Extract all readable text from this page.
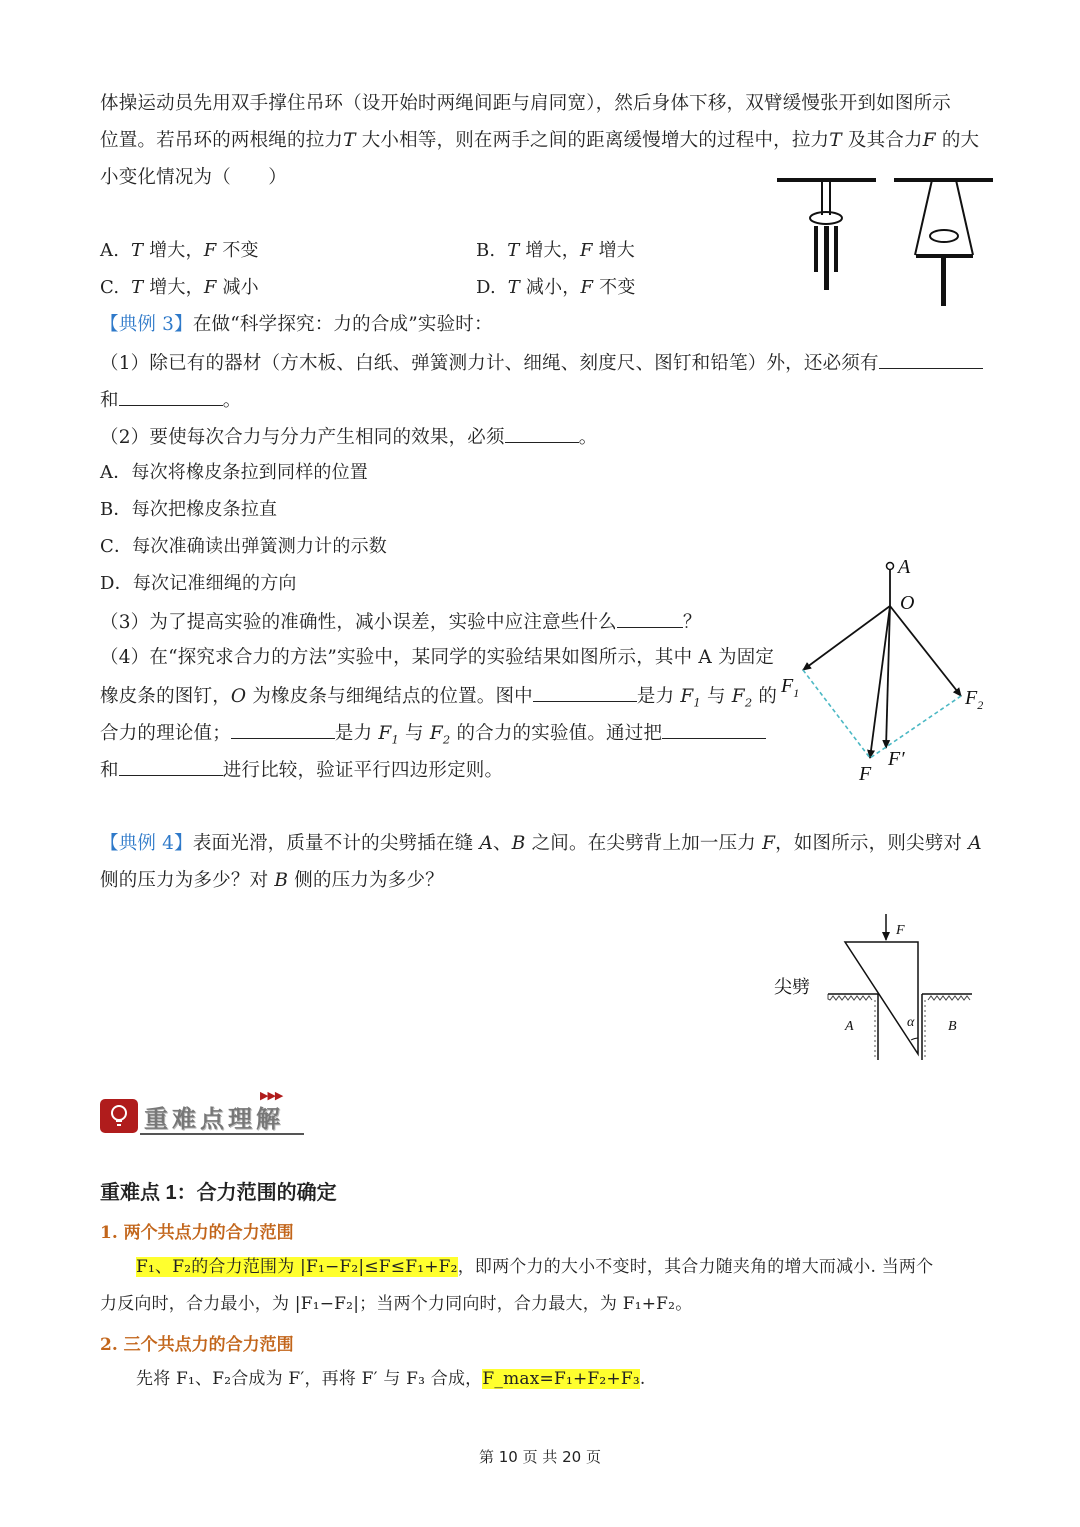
体操运动员先用双手撑住吊环（设开始时两绳间距与肩同宽），然后身体下移，双臂缓慢张开到如图所示
位置。若吊环的两根绳的拉力T 大小相等，则在两手之间的距离缓慢增大的过程中，拉力T 及其合力F 的大
小变化情况为（　　）
A. T 增大，F 不变	B. T 增大，F 增大
C. T 增大，F 减小	D. T 减小，F 不变
【典例 3】在做“科学探究：力的合成”实验时：
（1）除已有的器材（方木板、白纸、弹簧测力计、细绳、刻度尺、图钉和铅笔）外，还必须有
和	。
（2）要使每次合力与分力产生相同的效果，必须	。
A．每次将橡皮条拉到同样的位置
B．每次把橡皮条拉直
C．每次准确读出弹簧测力计的示数
D．每次记准细绳的方向
（3）为了提高实验的准确性，减小误差，实验中应注意些什么	？
（4）在“探究求合力的方法”实验中，某同学的实验结果如图所示，其中 A 为固定
橡皮条的图钉，O 为橡皮条与细绳结点的位置。图中	是力 $F_1$ 与 $F_2$ 的
合力的理论值；	是力 $F_1$ 与 $F_2$ 的合力的实验值。通过把
和	进行比较，验证平行四边形定则。
A
O
$F_1$	$F_2$
F′
F
【典例 4】表面光滑，质量不计的尖劈插在缝 A、B 之间。在尖劈背上加一压力 F，如图所示，则尖劈对 A
侧的压力为多少？对 B 侧的压力为多少？
F
α
A	B
尖劈
重难点理解
▶▶▶
重难点 1：合力范围的确定
1. 两个共点力的合力范围
F₁、F₂的合力范围为 |F₁−F₂|≤F≤F₁+F₂，即两个力的大小不变时，其合力随夹角的增大而减小. 当两个
力反向时，合力最小，为 |F₁−F₂|；当两个力同向时，合力最大，为 F₁+F₂。
2. 三个共点力的合力范围
先将 F₁、F₂合成为 F′，再将 F′ 与 F₃ 合成，F_max=F₁+F₂+F₃.
第 10 页 共 20 页
